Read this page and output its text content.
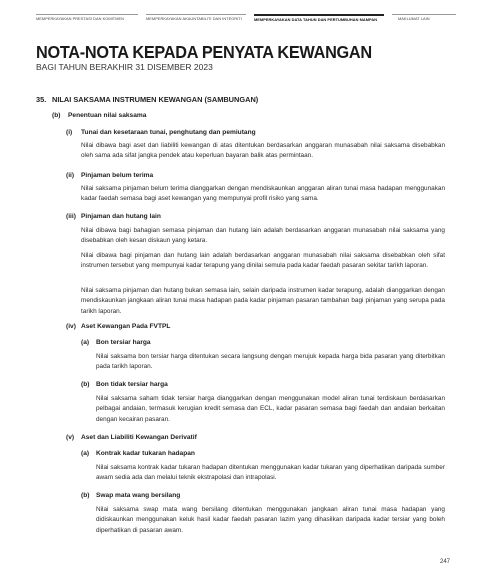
MEMPERKAYAKAN PRESTASI DAN KOMITMEN	MEMPERKAYAKAN AKAUNTABILITI DAN INTEGRITI	MEMPERKAYAKAN DATA TAHUN DAN PERTUMBUHAN MAMPAN	MAKLUMAT LAIN
NOTA-NOTA KEPADA PENYATA KEWANGAN
BAGI TAHUN BERAKHIR 31 DISEMBER 2023
35. NILAI SAKSAMA INSTRUMEN KEWANGAN (SAMBUNGAN)
(b) Penentuan nilai saksama
(i) Tunai dan kesetaraan tunai, penghutang dan pemiutang
Nilai dibawa bagi aset dan liabiliti kewangan di atas ditentukan berdasarkan anggaran munasabah nilai saksama disebabkan oleh sama ada sifat jangka pendek atau keperluan bayaran balik atas permintaan.
(ii) Pinjaman belum terima
Nilai saksama pinjaman belum terima dianggarkan dengan mendiskaunkan anggaran aliran tunai masa hadapan menggunakan kadar faedah semasa bagi aset kewangan yang mempunyai profil risiko yang sama.
(iii) Pinjaman dan hutang lain
Nilai dibawa bagi bahagian semasa pinjaman dan hutang lain adalah berdasarkan anggaran munasabah nilai saksama yang disebabkan oleh kesan diskaun yang ketara.
Nilai dibawa bagi pinjaman dan hutang lain adalah berdasarkan anggaran munasabah nilai saksama disebabkan oleh sifat instrumen tersebut yang mempunyai kadar terapung yang dinilai semula pada kadar faedah pasaran sekitar tarikh laporan.
Nilai saksama pinjaman dan hutang bukan semasa lain, selain daripada instrumen kadar terapung, adalah dianggarkan dengan mendiskaunkan jangkaan aliran tunai masa hadapan pada kadar pinjaman pasaran tambahan bagi pinjaman yang serupa pada tarikh laporan.
(iv) Aset Kewangan Pada FVTPL
(a) Bon tersiar harga
Nilai saksama bon tersiar harga ditentukan secara langsung dengan merujuk kepada harga bida pasaran yang diterbitkan pada tarikh laporan.
(b) Bon tidak tersiar harga
Nilai saksama saham tidak tersiar harga dianggarkan dengan menggunakan model aliran tunai terdiskaun berdasarkan pelbagai andaian, termasuk kerugian kredit semasa dan ECL, kadar pasaran semasa bagi faedah dan andaian berkaitan dengan kecairan pasaran.
(v) Aset dan Liabiliti Kewangan Derivatif
(a) Kontrak kadar tukaran hadapan
Nilai saksama kontrak kadar tukaran hadapan ditentukan menggunakan kadar tukaran yang diperhatikan daripada sumber awam sedia ada dan melalui teknik ekstrapolasi dan intrapolasi.
(b) Swap mata wang bersilang
Nilai saksama swap mata wang bersilang ditentukan menggunakan jangkaan aliran tunai masa hadapan yang didiskaunkan menggunakan keluk hasil kadar faedah pasaran lazim yang dihasilkan daripada kadar tersiar yang boleh diperhatikan di pasaran awam.
247
